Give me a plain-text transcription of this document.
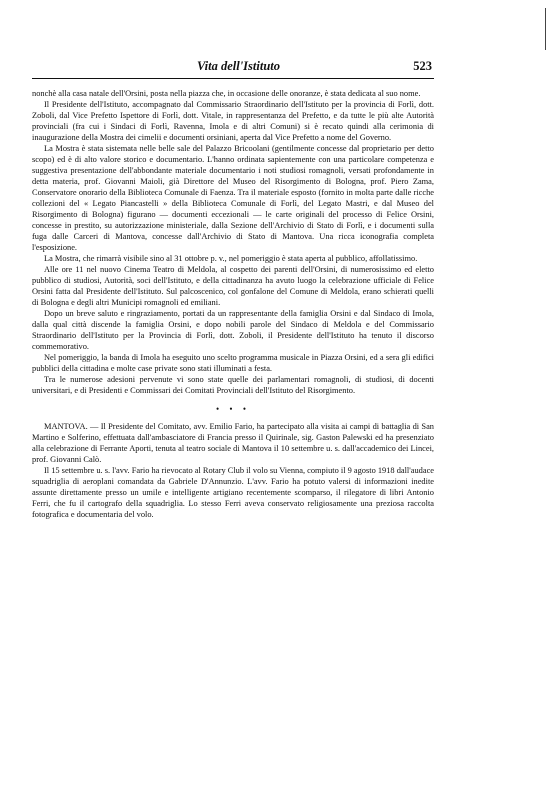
Vita dell'Istituto	523

nonchè alla casa natale dell'Orsini, posta nella piazza che, in occasione delle onoranze, è stata dedicata al suo nome.

Il Presidente dell'Istituto, accompagnato dal Commissario Straordinario dell'Istituto per la provincia di Forlì, dott. Zoboli, dal Vice Prefetto Ispettore di Forlì, dott. Vitale, in rappresentanza del Prefetto, e da tutte le più alte Autorità provinciali (fra cui i Sindaci di Forlì, Ravenna, Imola e di altri Comuni) si è recato quindi alla cerimonia di inaugurazione della Mostra dei cimelii e documenti orsiniani, aperta dal Vice Prefetto a nome del Governo.

La Mostra è stata sistemata nelle belle sale del Palazzo Bricoolani (gentilmente concesse dal proprietario per detto scopo) ed è di alto valore storico e documentario. L'hanno ordinata sapientemente con una particolare competenza e suggestiva presentazione dell'abbondante materiale documentario i noti studiosi romagnoli, versati profondamente in detta materia, prof. Giovanni Maioli, già Direttore del Museo del Risorgimento di Bologna, prof. Piero Zama, Conservatore onorario della Biblioteca Comunale di Faenza. Tra il materiale esposto (fornito in molta parte dalle ricche collezioni del « Legato Piancastelli » della Biblioteca Comunale di Forlì, del Legato Mastri, e dal Museo del Risorgimento di Bologna) figurano — documenti eccezionali — le carte originali del processo di Felice Orsini, concesse in prestito, su autorizzazione ministeriale, dalla Sezione dell'Archivio di Stato di Forlì, e i documenti sulla fuga dalle Carceri di Mantova, concesse dall'Archivio di Stato di Mantova. Una ricca iconografia completa l'esposizione.

La Mostra, che rimarrà visibile sino al 31 ottobre p. v., nel pomeriggio è stata aperta al pubblico, affollatissimo.

Alle ore 11 nel nuovo Cinema Teatro di Meldola, al cospetto dei parenti dell'Orsini, di numerosissimo ed eletto pubblico di studiosi, Autorità, soci dell'Istituto, e della cittadinanza ha avuto luogo la celebrazione ufficiale di Felice Orsini fatta dal Presidente dell'Istituto. Sul palcoscenico, col gonfalone del Comune di Meldola, erano schierati quelli di Bologna e degli altri Municipi romagnoli ed emiliani.

Dopo un breve saluto e ringraziamento, portati da un rappresentante della famiglia Orsini e dal Sindaco di Imola, dalla qual città discende la famiglia Orsini, e dopo nobili parole del Sindaco di Meldola e del Commissario Straordinario dell'Istituto per la Provincia di Forlì, dott. Zoboli, il Presidente dell'Istituto ha tenuto il discorso commemorativo.

Nel pomeriggio, la banda di Imola ha eseguito uno scelto programma musicale in Piazza Orsini, ed a sera gli edifici pubblici della cittadina e molte case private sono stati illuminati a festa.

Tra le numerose adesioni pervenute vi sono state quelle dei parlamentari romagnoli, di studiosi, di docenti universitari, e di Presidenti e Commissari dei Comitati Provinciali dell'Istituto del Risorgimento.

• • •

MANTOVA. — Il Presidente del Comitato, avv. Emilio Fario, ha partecipato alla visita ai campi di battaglia di San Martino e Solferino, effettuata dall'ambasciatore di Francia presso il Quirinale, sig. Gaston Palewski ed ha presenziato alla celebrazione di Ferrante Aporti, tenuta al teatro sociale di Mantova il 10 settembre u. s. dall'accademico dei Lincei, prof. Giovanni Calò.

Il 15 settembre u. s. l'avv. Fario ha rievocato al Rotary Club il volo su Vienna, compiuto il 9 agosto 1918 dall'audace squadriglia di aeroplani comandata da Gabriele D'Annunzio. L'avv. Fario ha potuto valersi di informazioni inedite assunte direttamente presso un umile e intelligente artigiano recentemente scomparso, il rilegatore di libri Antonio Ferri, che fu il cartografo della squadriglia. Lo stesso Ferri aveva conservato religiosamente una preziosa raccolta fotografica e documentaria del volo.
